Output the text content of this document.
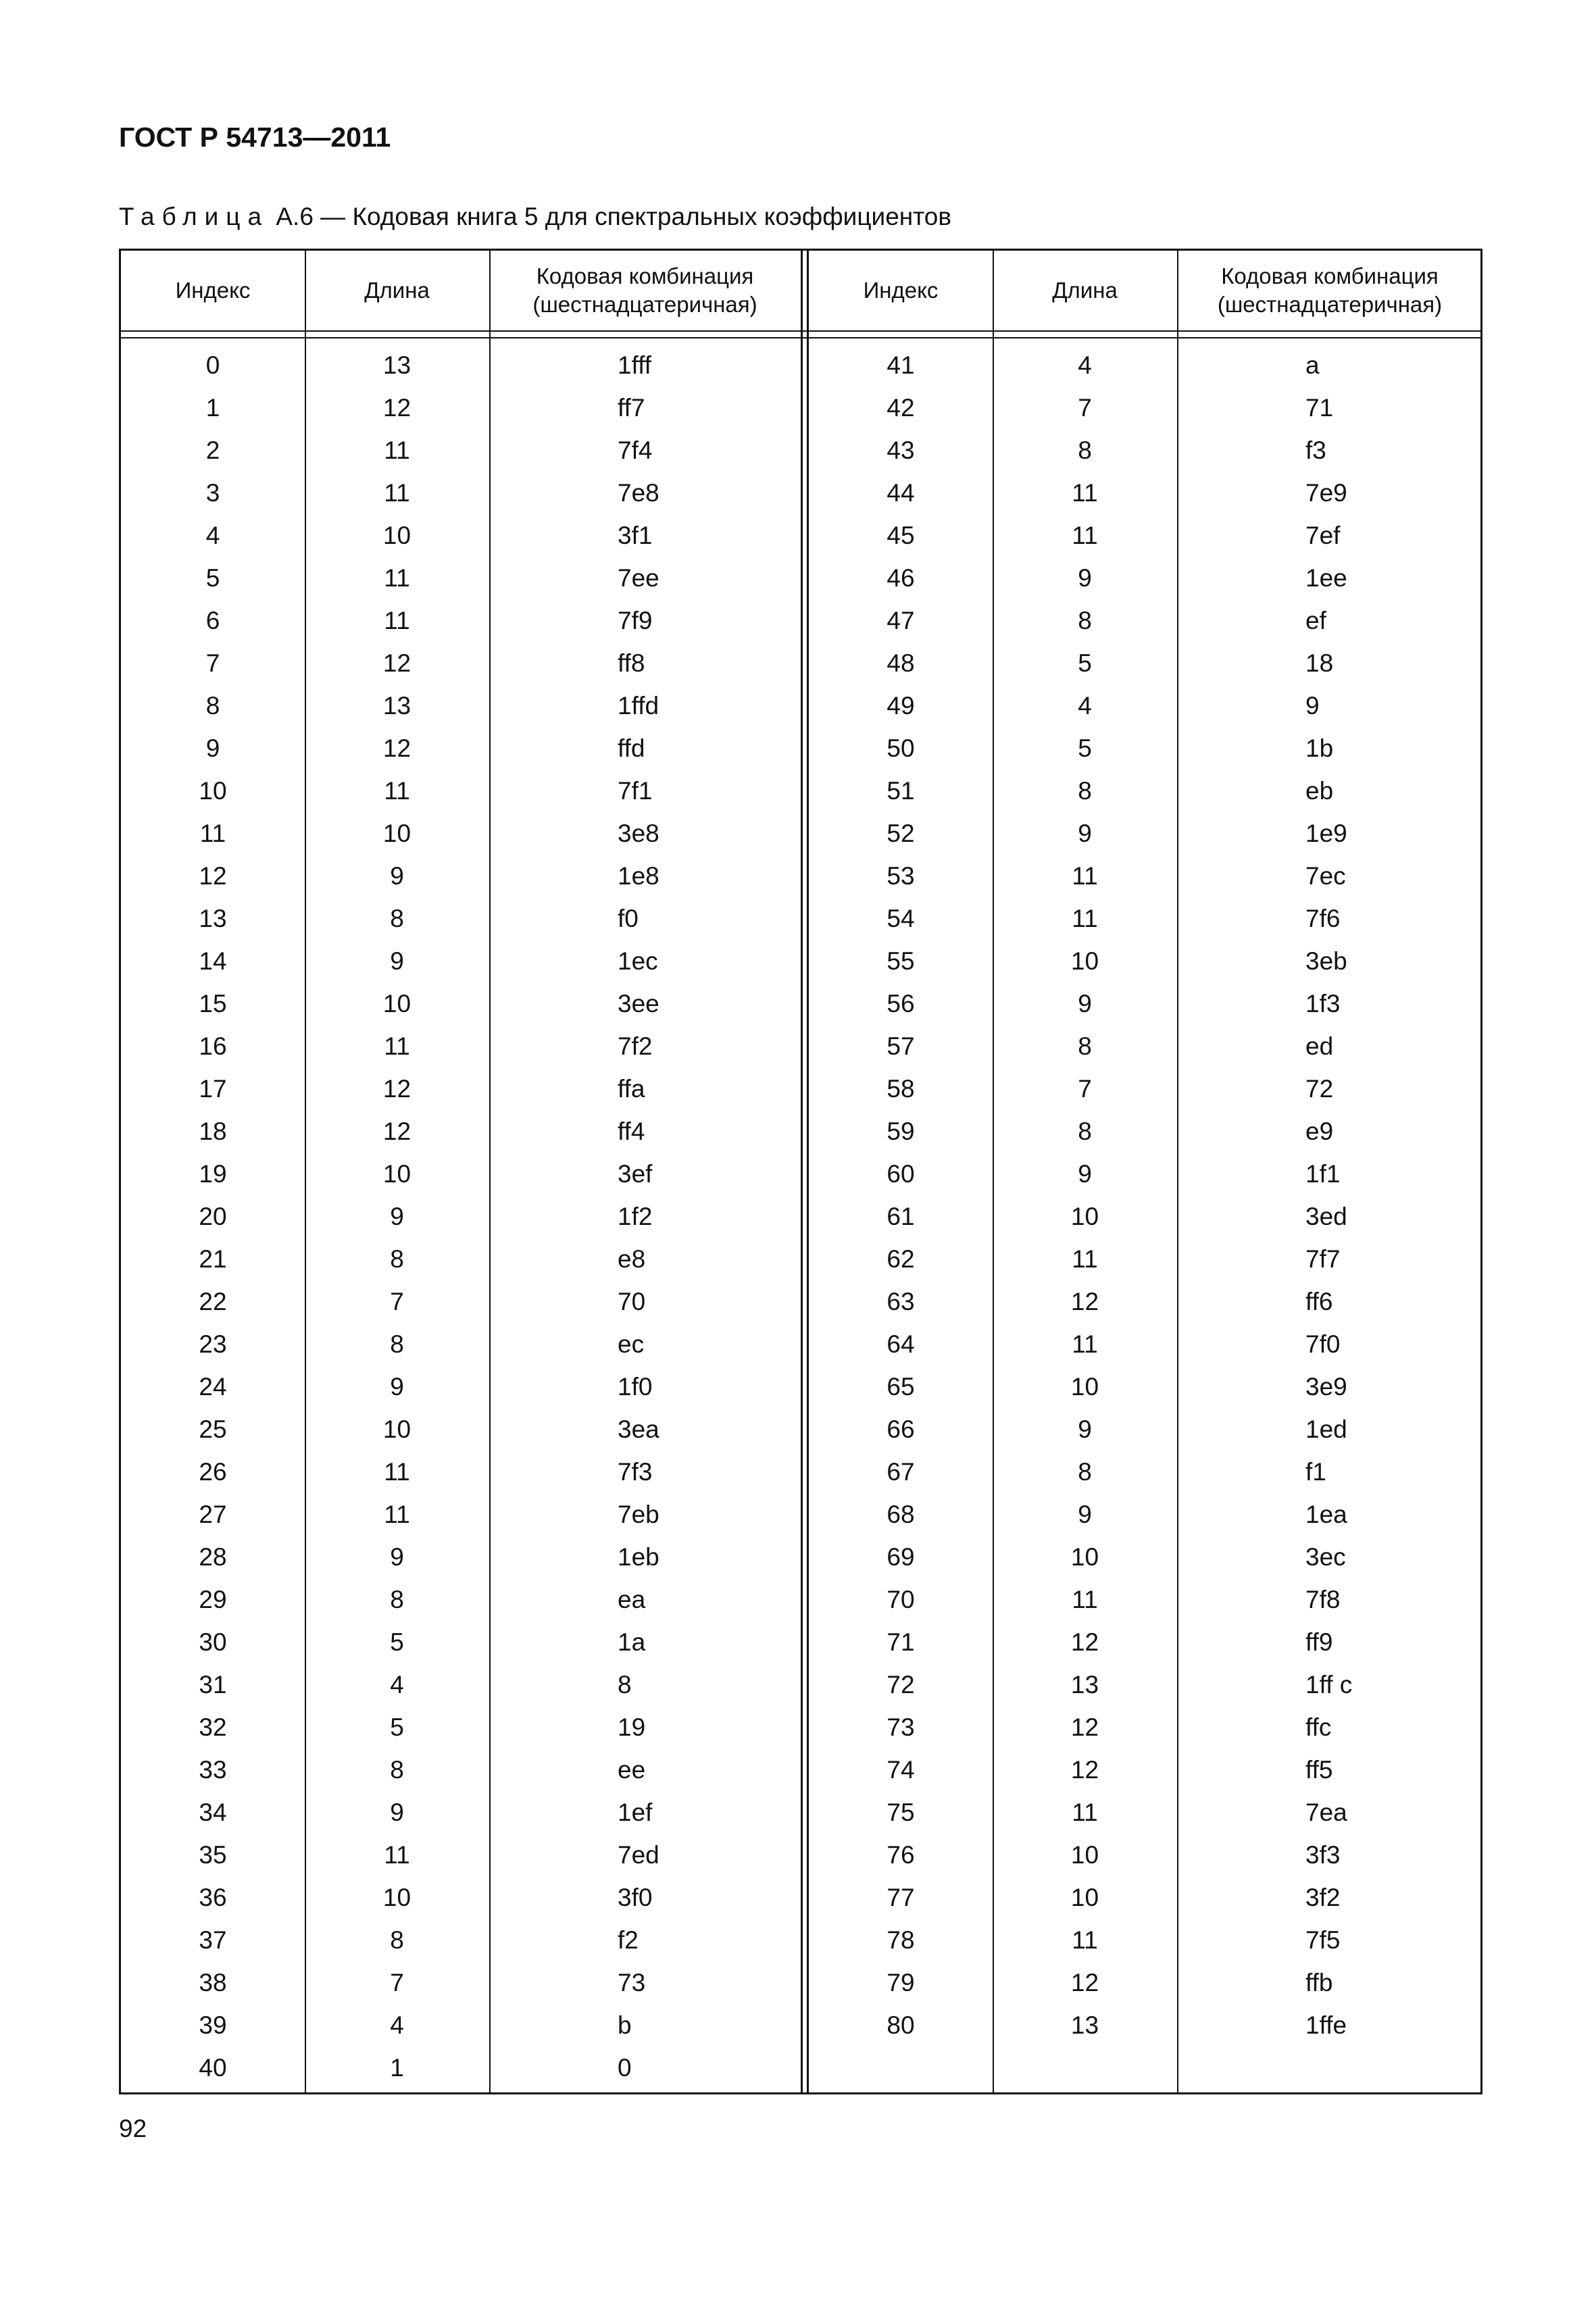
ГОСТ Р 54713—2011
Таблица А.6 — Кодовая книга 5 для спектральных коэффициентов
Индекс	Длина
Кодовая комбинация
(шестнадцатеричная)
0	13	1fff
1	12	ff7
2	11	7f4
3	11	7e8
4	10	3f1
5	11	7ee
6	11	7f9
7	12	ff8
8	13	1ffd
9	12	ffd
10	11	7f1
11	10	3e8
12	9	1e8
13	8	f0
14	9	1ec
15	10	3ee
16	11	7f2
17	12	ffa
18	12	ff4
19	10	3ef
20	9	1f2
21	8	e8
22	7	70
23	8	ec
24	9	1f0
25	10	3ea
26	11	7f3
27	11	7eb
28	9	1eb
29	8	ea
30	5	1a
31	4	8
32	5	19
33	8	ee
34	9	1ef
35	11	7ed
36	10	3f0
37	8	f2
38	7	73
39	4	b
40	1	0
Индекс	Длина
Кодовая комбинация
(шестнадцатеричная)
41	4	a
42	7	71
43	8	f3
44	11	7e9
45	11	7ef
46	9	1ee
47	8	ef
48	5	18
49	4	9
50	5	1b
51	8	eb
52	9	1e9
53	11	7ec
54	11	7f6
55	10	3eb
56	9	1f3
57	8	ed
58	7	72
59	8	e9
60	9	1f1
61	10	3ed
62	11	7f7
63	12	ff6
64	11	7f0
65	10	3e9
66	9	1ed
67	8	f1
68	9	1ea
69	10	3ec
70	11	7f8
71	12	ff9
72	13	1ff c
73	12	ffc
74	12	ff5
75	11	7ea
76	10	3f3
77	10	3f2
78	11	7f5
79	12	ffb
80	13	1ffe
92
